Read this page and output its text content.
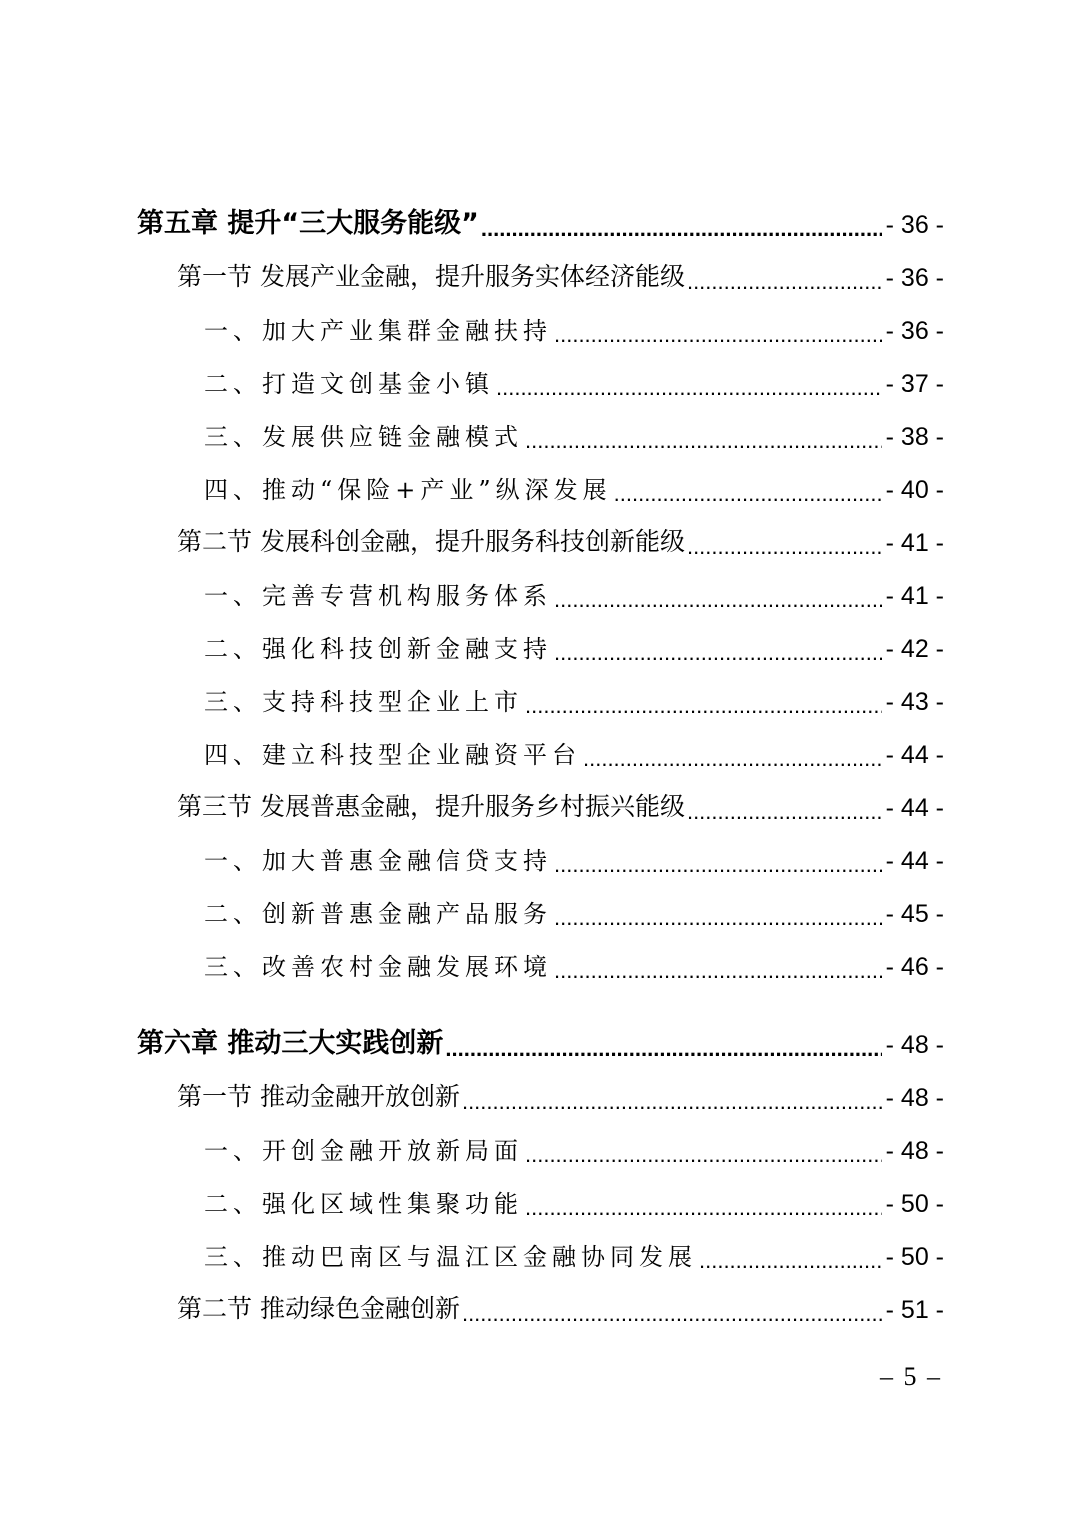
第五章 提升“三大服务能级” .....	- 36 -
第一节 发展产业金融，提升服务实体经济能级 .....	- 36 -
一、加大产业集群金融扶持 .....	- 36 -
二、打造文创基金小镇 .....	- 37 -
三、发展供应链金融模式 .....	- 38 -
四、推动“保险+产业”纵深发展 .....	- 40 -
第二节 发展科创金融，提升服务科技创新能级 .....	- 41 -
一、完善专营机构服务体系 .....	- 41 -
二、强化科技创新金融支持 .....	- 42 -
三、支持科技型企业上市 .....	- 43 -
四、建立科技型企业融资平台 .....	- 44 -
第三节 发展普惠金融，提升服务乡村振兴能级 .....	- 44 -
一、加大普惠金融信贷支持 .....	- 44 -
二、创新普惠金融产品服务 .....	- 45 -
三、改善农村金融发展环境 .....	- 46 -
第六章 推动三大实践创新 .....	- 48 -
第一节 推动金融开放创新 .....	- 48 -
一、开创金融开放新局面 .....	- 48 -
二、强化区域性集聚功能 .....	- 50 -
三、推动巴南区与温江区金融协同发展 .....	- 50 -
第二节 推动绿色金融创新 .....	- 51 -
– 5 –
